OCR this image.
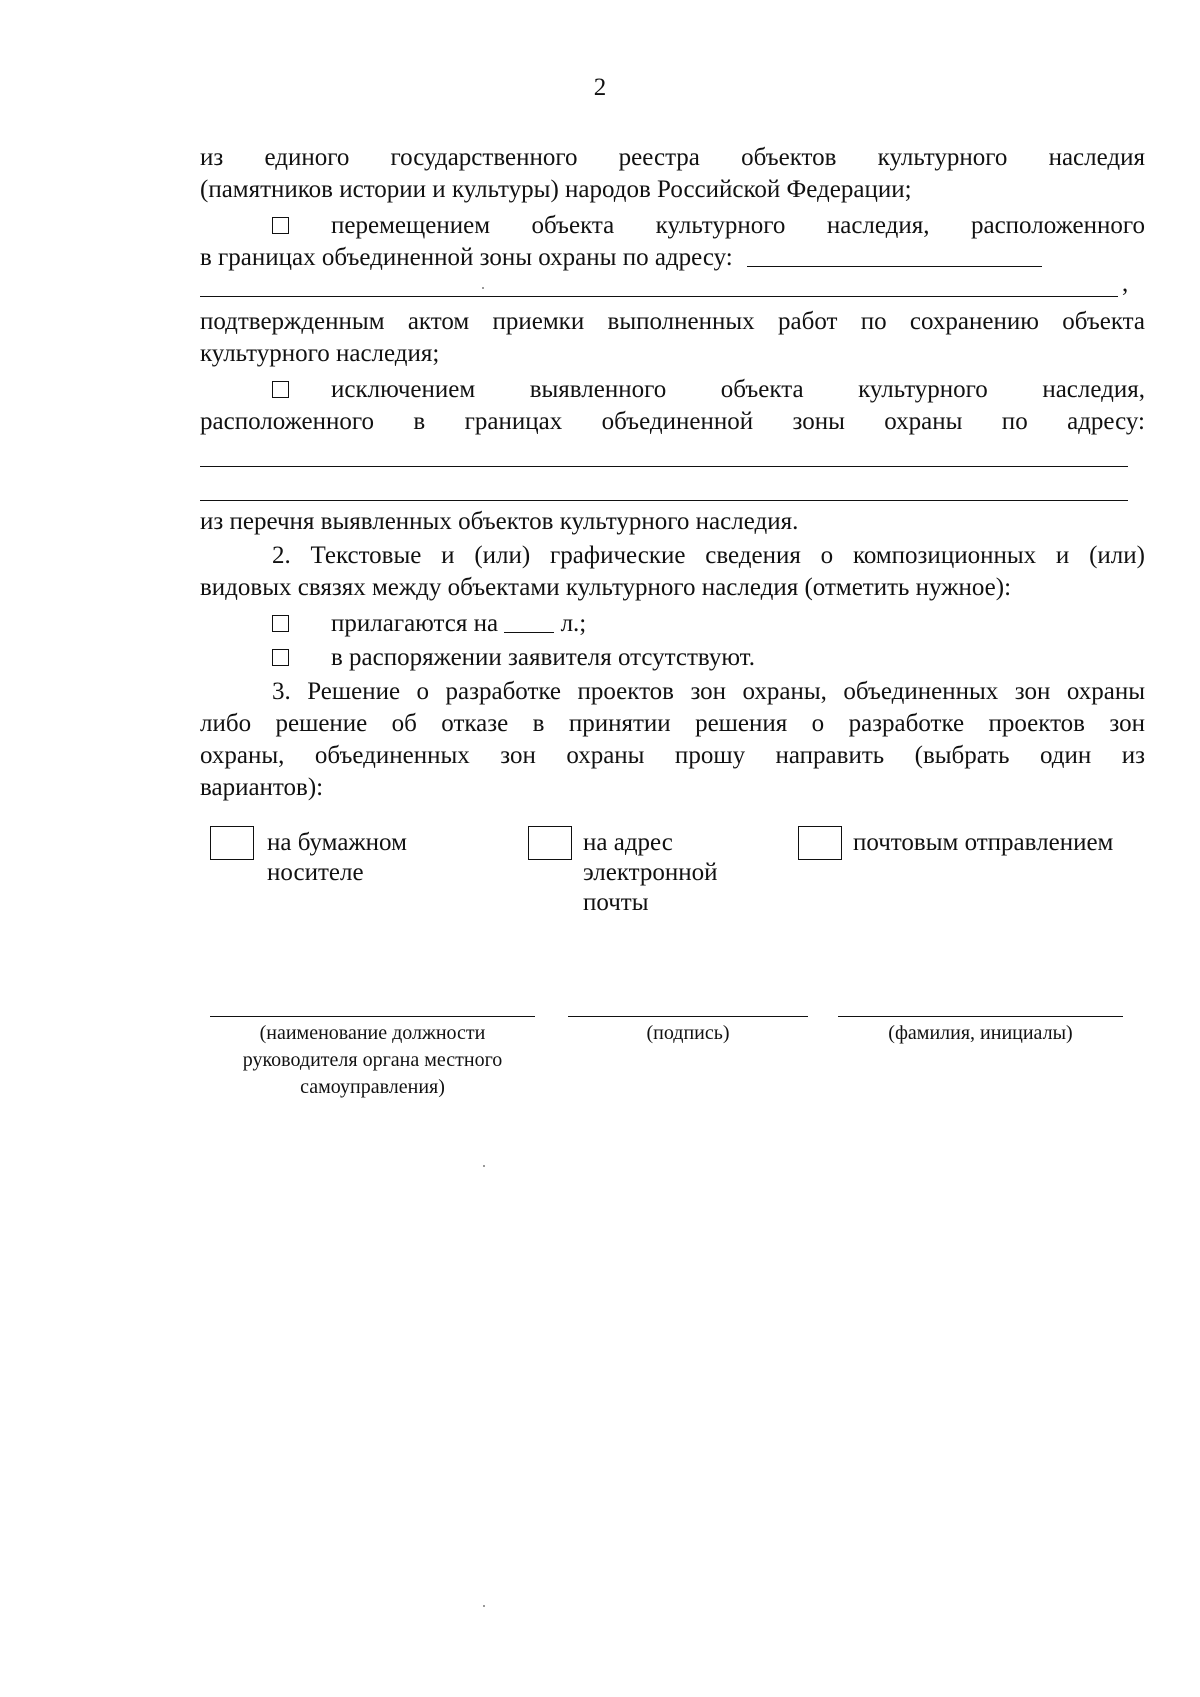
2
из единого государственного реестра объектов культурного наследия
(памятников истории и культуры) народов Российской Федерации;
перемещением объекта культурного наследия, расположенного
в границах объединенной зоны охраны по адресу:
,
подтвержденным актом приемки выполненных работ по сохранению объекта
культурного наследия;
исключением выявленного объекта культурного наследия,
расположенного в границах объединенной зоны охраны по адресу:
из перечня выявленных объектов культурного наследия.
2. Текстовые и (или) графические сведения о композиционных и (или)
видовых связях между объектами культурного наследия (отметить нужное):
прилагаются на	л.;
в распоряжении заявителя отсутствуют.
3. Решение о разработке проектов зон охраны, объединенных зон охраны
либо решение об отказе в принятии решения о разработке проектов зон
охраны, объединенных зон охраны прошу направить (выбрать один из
вариантов):
на бумажном
носителе
на адрес
электронной
почты
почтовым отправлением
(наименование должности
руководителя органа местного
самоуправления)
(подпись)	(фамилия, инициалы)
